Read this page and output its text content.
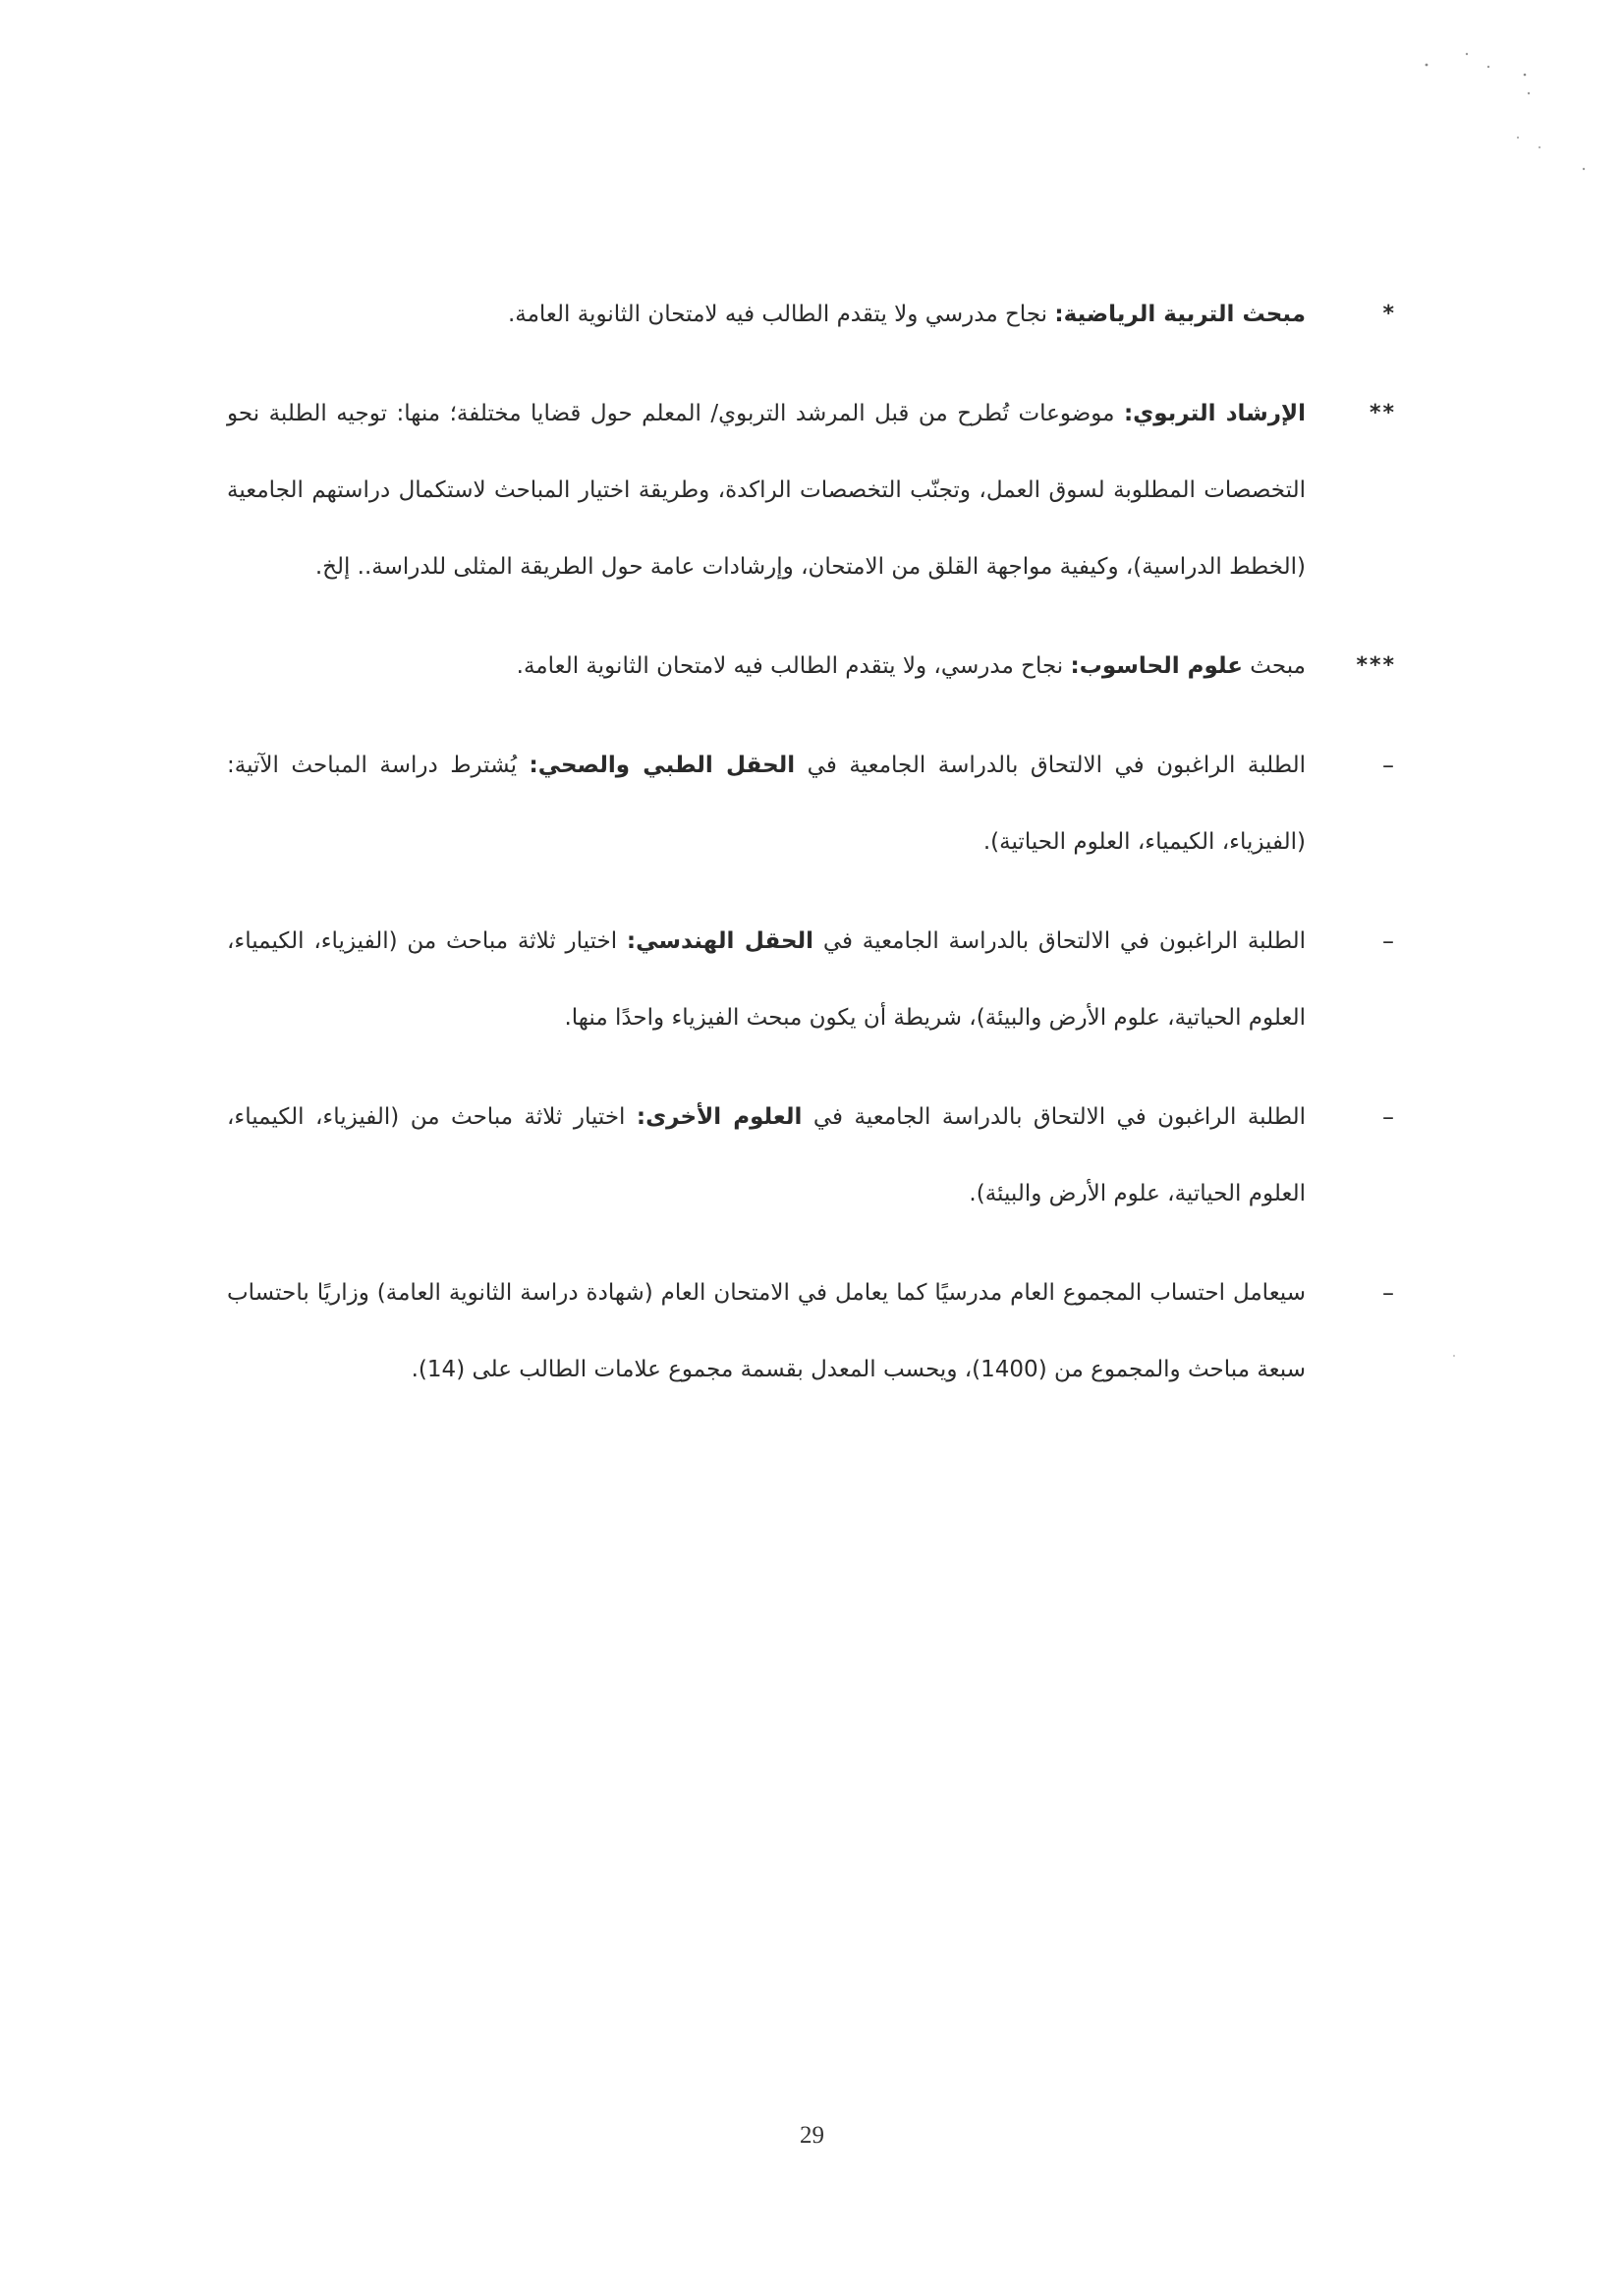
*
مبحث التربية الرياضية: نجاح مدرسي ولا يتقدم الطالب فيه لامتحان الثانوية العامة.

**
الإرشاد التربوي: موضوعات تُطرح من قبل المرشد التربوي/ المعلم حول قضايا مختلفة؛ منها: توجيه الطلبة نحو التخصصات المطلوبة لسوق العمل، وتجنّب التخصصات الراكدة، وطريقة اختيار المباحث لاستكمال دراستهم الجامعية (الخطط الدراسية)، وكيفية مواجهة القلق من الامتحان، وإرشادات عامة حول الطريقة المثلى للدراسة.. إلخ.

***
مبحث علوم الحاسوب: نجاح مدرسي، ولا يتقدم الطالب فيه لامتحان الثانوية العامة.

–
الطلبة الراغبون في الالتحاق بالدراسة الجامعية في الحقل الطبي والصحي: يُشترط دراسة المباحث الآتية: (الفيزياء، الكيمياء، العلوم الحياتية).

–
الطلبة الراغبون في الالتحاق بالدراسة الجامعية في الحقل الهندسي: اختيار ثلاثة مباحث من (الفيزياء، الكيمياء، العلوم الحياتية، علوم الأرض والبيئة)، شريطة أن يكون مبحث الفيزياء واحدًا منها.

–
الطلبة الراغبون في الالتحاق بالدراسة الجامعية في العلوم الأخرى: اختيار ثلاثة مباحث من (الفيزياء، الكيمياء، العلوم الحياتية، علوم الأرض والبيئة).

–
سيعامل احتساب المجموع العام مدرسيًا كما يعامل في الامتحان العام (شهادة دراسة الثانوية العامة) وزاريًا باحتساب سبعة مباحث والمجموع من (1400)، ويحسب المعدل بقسمة مجموع علامات الطالب على (14).

29
